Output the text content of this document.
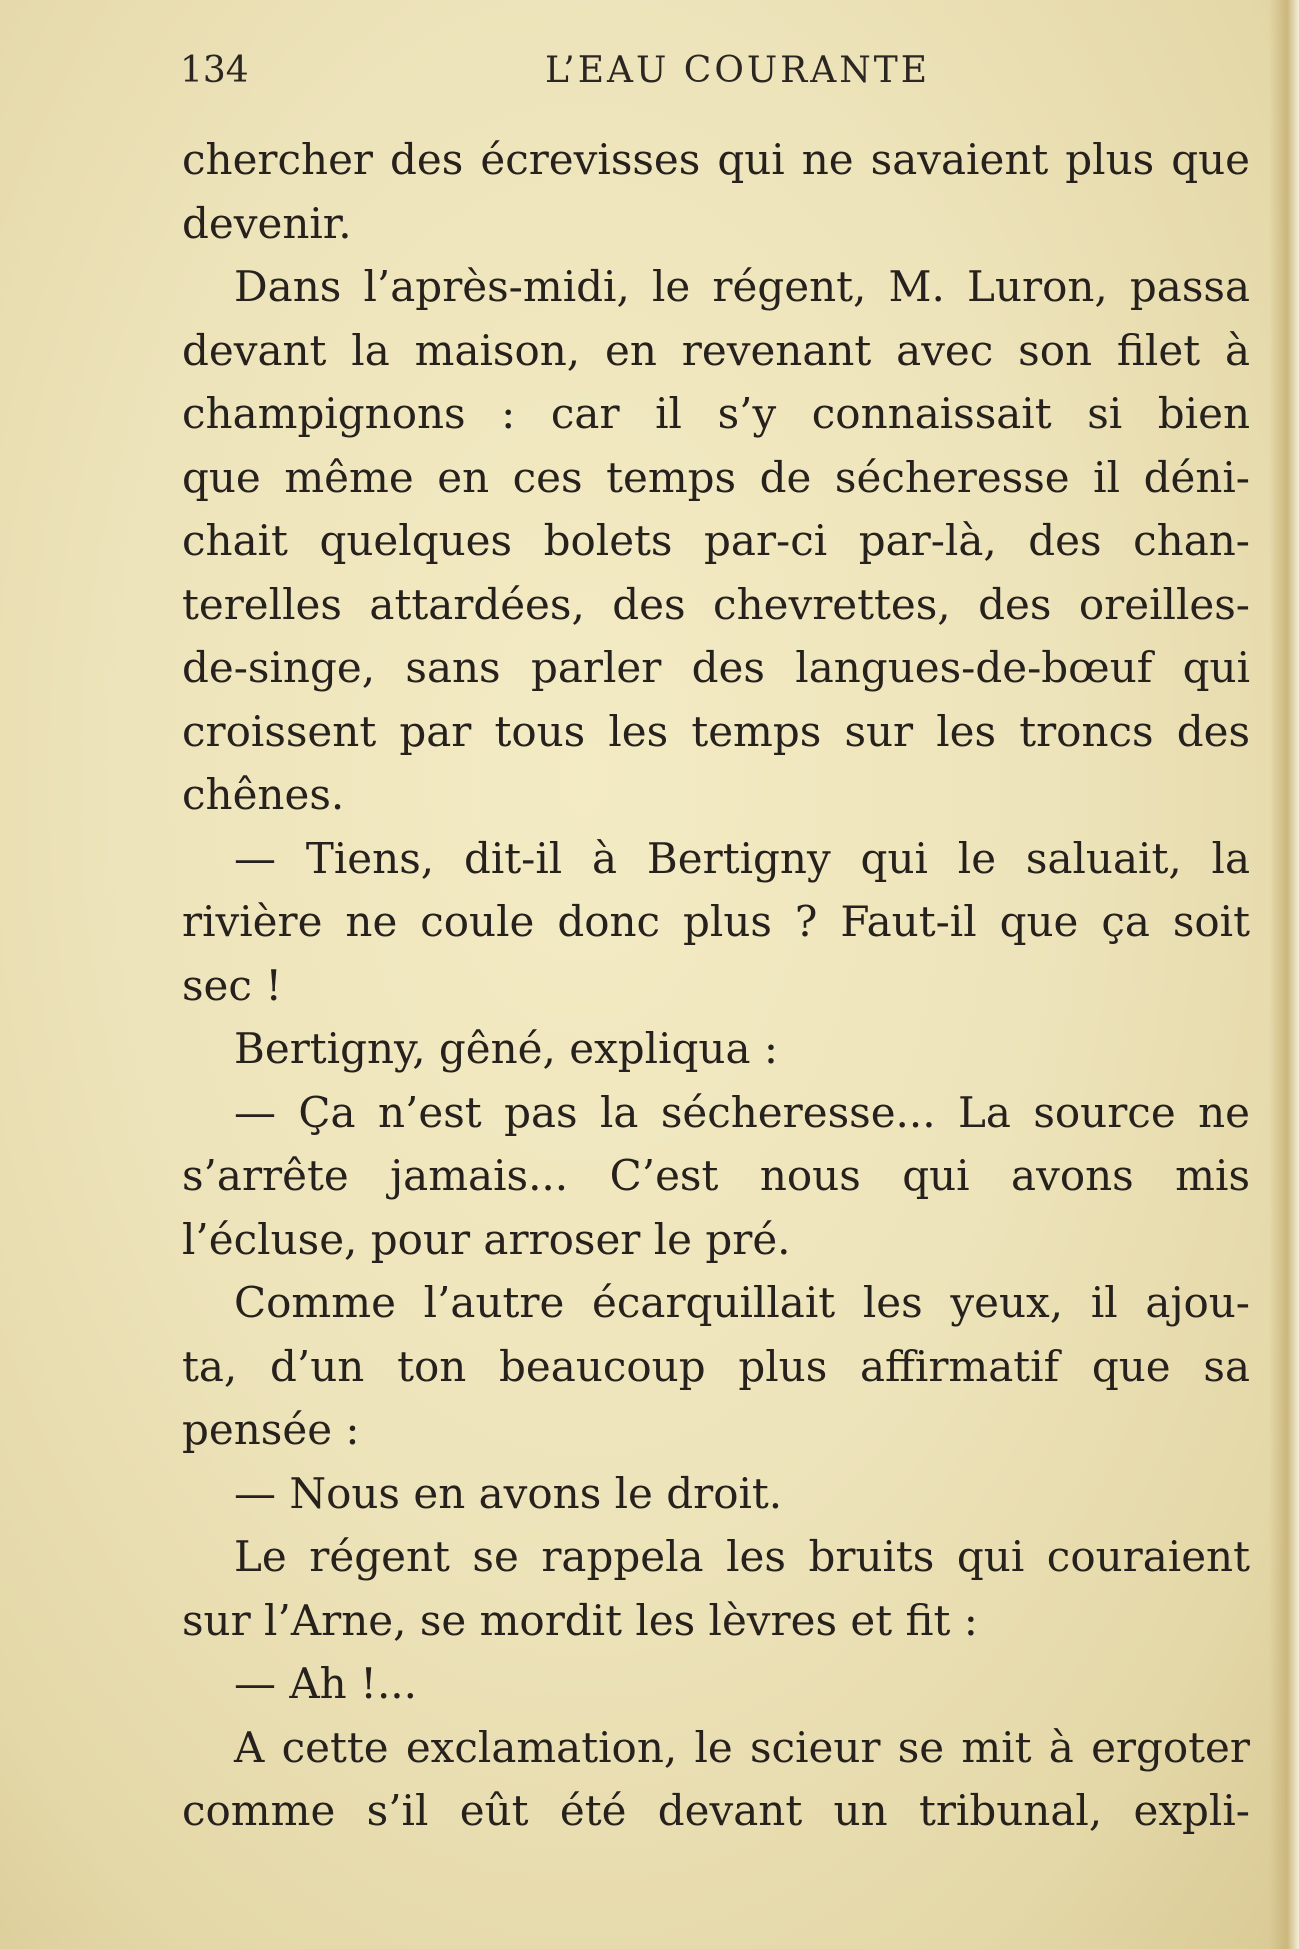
134	L’EAU COURANTE
chercher des écrevisses qui ne savaient plus que
devenir.
Dans l’après-midi, le régent, M. Luron, passa
devant la maison, en revenant avec son filet à
champignons : car il s’y connaissait si bien
que même en ces temps de sécheresse il déni-
chait quelques bolets par-ci par-là, des chan-
terelles attardées, des chevrettes, des oreilles-
de-singe, sans parler des langues-de-bœuf qui
croissent par tous les temps sur les troncs des
chênes.
— Tiens, dit-il à Bertigny qui le saluait, la
rivière ne coule donc plus ? Faut-il que ça soit
sec !
Bertigny, gêné, expliqua :
— Ça n’est pas la sécheresse... La source ne
s’arrête jamais... C’est nous qui avons mis
l’écluse, pour arroser le pré.
Comme l’autre écarquillait les yeux, il ajou-
ta, d’un ton beaucoup plus affirmatif que sa
pensée :
— Nous en avons le droit.
Le régent se rappela les bruits qui couraient
sur l’Arne, se mordit les lèvres et fit :
— Ah !...
A cette exclamation, le scieur se mit à ergoter
comme s’il eût été devant un tribunal, expli-
